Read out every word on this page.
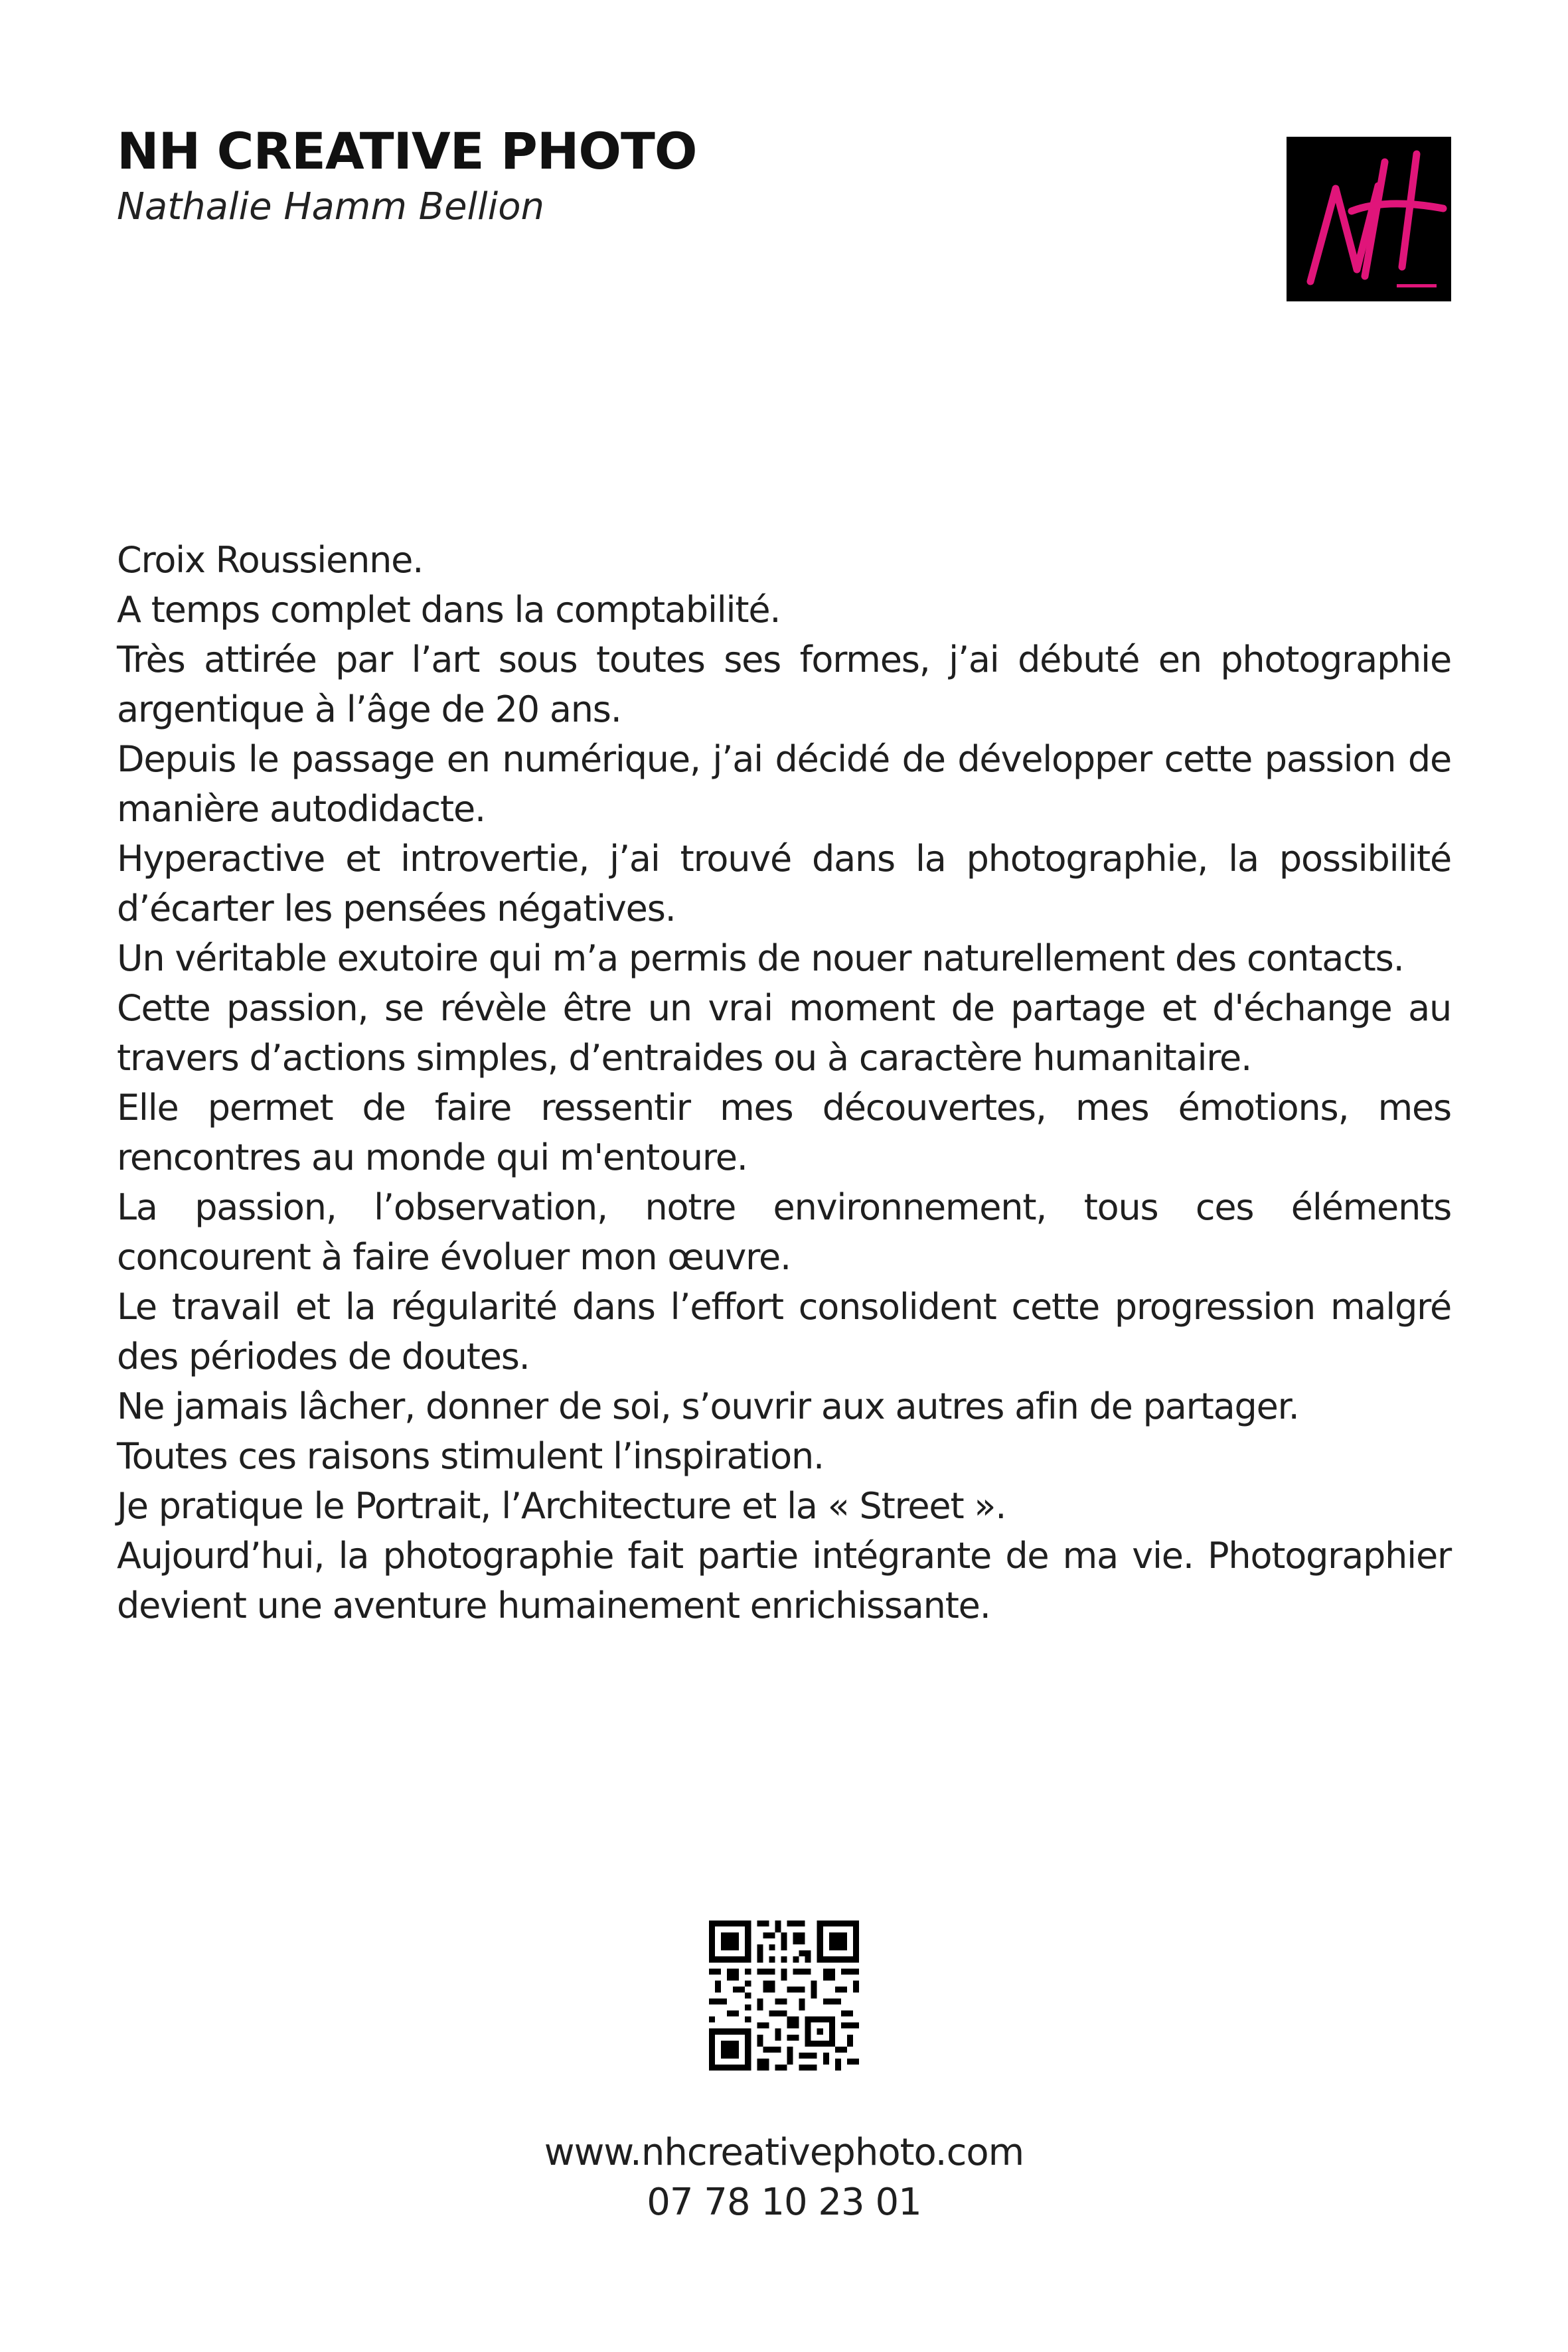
NH CREATIVE PHOTO
Nathalie Hamm Bellion

Croix Roussienne.

A temps complet dans la comptabilité.

Très attirée par l’art sous toutes ses formes, j’ai débuté en photographie argentique à l’âge de 20 ans.

Depuis le passage en numérique, j’ai décidé de développer cette passion de manière autodidacte.

Hyperactive et introvertie, j’ai trouvé dans la photographie, la possibilité d’écarter les pensées négatives.

Un véritable exutoire qui m’a permis de nouer naturellement des contacts.

Cette passion, se révèle être un vrai moment de partage et d'échange au travers d’actions simples, d’entraides ou à caractère humanitaire.

Elle permet de faire ressentir mes découvertes, mes émotions, mes rencontres au monde qui m'entoure.

La passion, l’observation, notre environnement, tous ces éléments concourent à faire évoluer mon œuvre.

Le travail et la régularité dans l’effort consolident cette progression malgré des périodes de doutes.

Ne jamais lâcher, donner de soi, s’ouvrir aux autres afin de partager.

Toutes ces raisons stimulent l’inspiration.

Je pratique le Portrait, l’Architecture et la « Street ».

Aujourd’hui, la photographie fait partie intégrante de ma vie. Photographier devient une aventure humainement enrichissante.

www.nhcreativephoto.com
07 78 10 23 01
